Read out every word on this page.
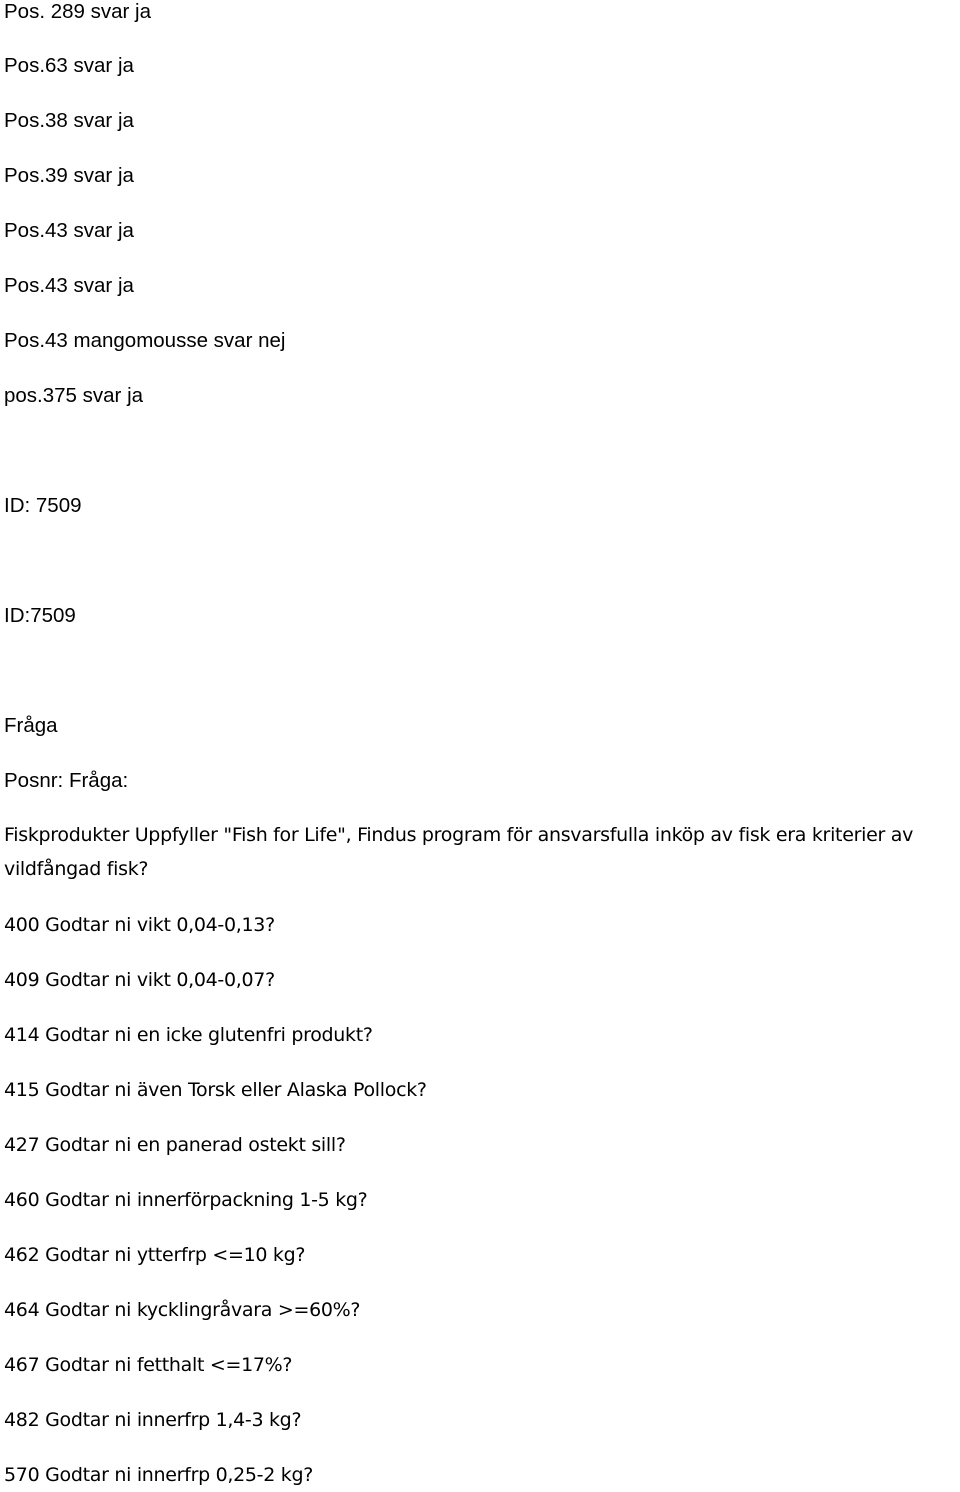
Pos. 289 svar ja

Pos.63 svar ja

Pos.38 svar ja

Pos.39 svar ja

Pos.43 svar ja

Pos.43 svar ja

Pos.43 mangomousse svar nej

pos.375 svar ja

ID: 7509

ID:7509

Fråga

Posnr: Fråga:

Fiskprodukter Uppfyller "Fish for Life", Findus program för ansvarsfulla inköp av fisk era kriterier av vildfångad fisk?

400 Godtar ni vikt 0,04-0,13?

409 Godtar ni vikt 0,04-0,07?

414 Godtar ni en icke glutenfri produkt?

415 Godtar ni även Torsk eller Alaska Pollock?

427 Godtar ni en panerad ostekt sill?

460 Godtar ni innerförpackning 1-5 kg?

462 Godtar ni ytterfrp <=10 kg?

464 Godtar ni kycklingråvara >=60%?

467 Godtar ni fetthalt <=17%?

482 Godtar ni innerfrp 1,4-3 kg?

570 Godtar ni innerfrp 0,25-2 kg?
